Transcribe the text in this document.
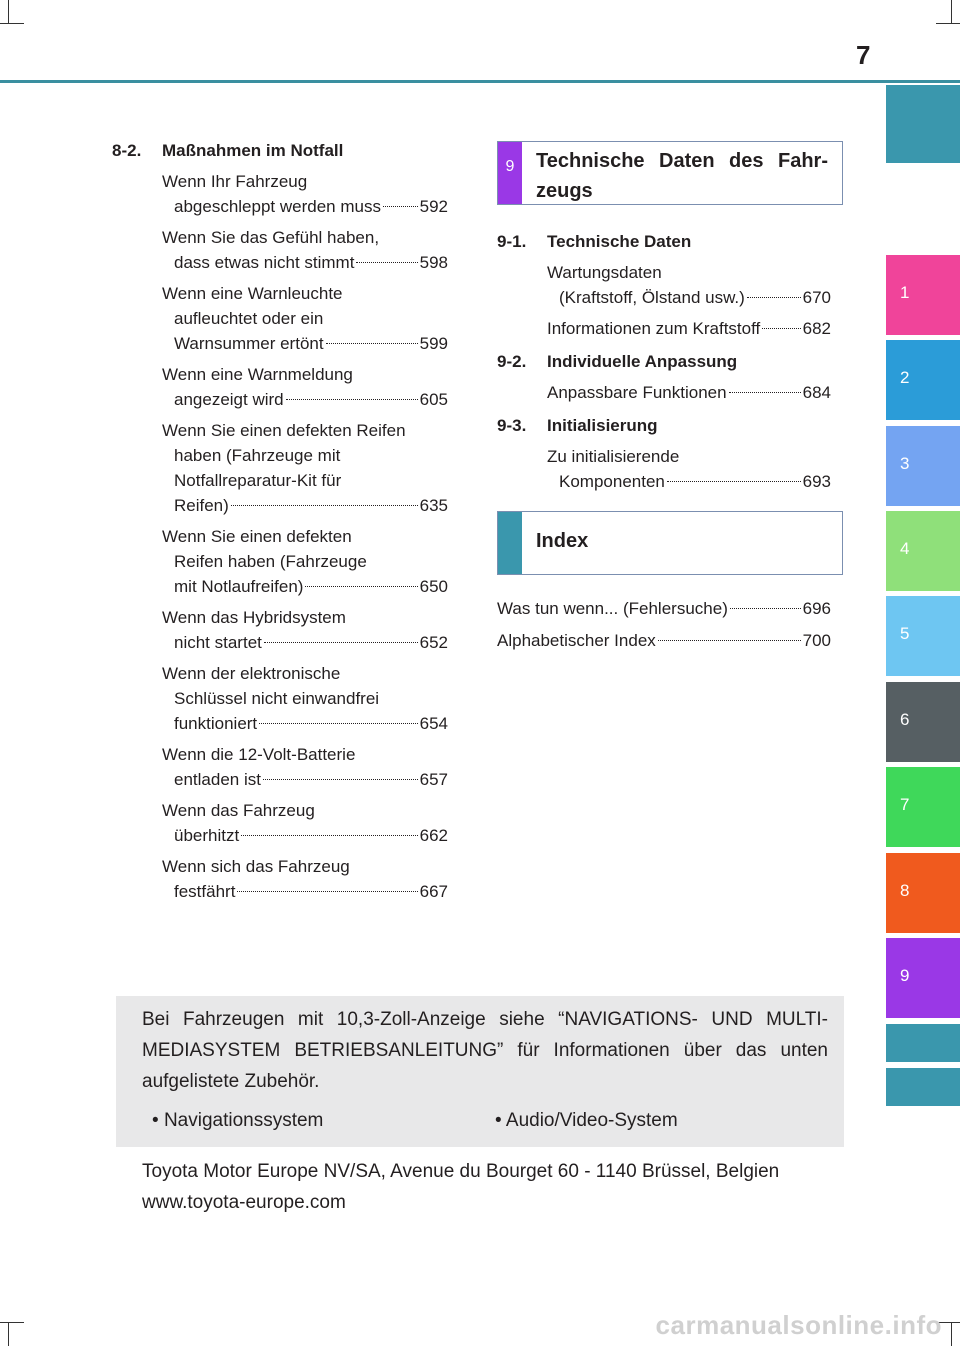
7
1
2
3
4
5
6
7
8
9
8-2.	Maßnahmen im Notfall
Wenn Ihr Fahrzeug
abgeschleppt werden muss 592
Wenn Sie das Gefühl haben,
dass etwas nicht stimmt	598
Wenn eine Warnleuchte
aufleuchtet oder ein
Warnsummer ertönt	599
Wenn eine Warnmeldung
angezeigt wird	605
Wenn Sie einen defekten Reifen
haben (Fahrzeuge mit
Notfallreparatur-Kit für
Reifen)	635
Wenn Sie einen defekten
Reifen haben (Fahrzeuge
mit Notlaufreifen)	650
Wenn das Hybridsystem
nicht startet	652
Wenn der elektronische
Schlüssel nicht einwandfrei
funktioniert	654
Wenn die 12-Volt-Batterie
entladen ist	657
Wenn das Fahrzeug
überhitzt	662
Wenn sich das Fahrzeug
festfährt	667
9	Technische Daten des Fahr-zeugs
9-1.	Technische Daten
Wartungsdaten
(Kraftstoff, Ölstand usw.)	670
Informationen zum Kraftstoff 682
9-2.	Individuelle Anpassung
Anpassbare Funktionen	684
9-3.	Initialisierung
Zu initialisierende
Komponenten	693
Index
Was tun wenn... (Fehlersuche)	696
Alphabetischer Index	700
Bei Fahrzeugen mit 10,3-Zoll-Anzeige siehe “NAVIGATIONS- UND MULTI-MEDIASYSTEM BETRIEBSANLEITUNG” für Informationen über das unten aufgelistete Zubehör.
• Navigationssystem	• Audio/Video-System
Toyota Motor Europe NV/SA, Avenue du Bourget 60 - 1140 Brüssel, Belgien
www.toyota-europe.com
carmanualsonline.info
